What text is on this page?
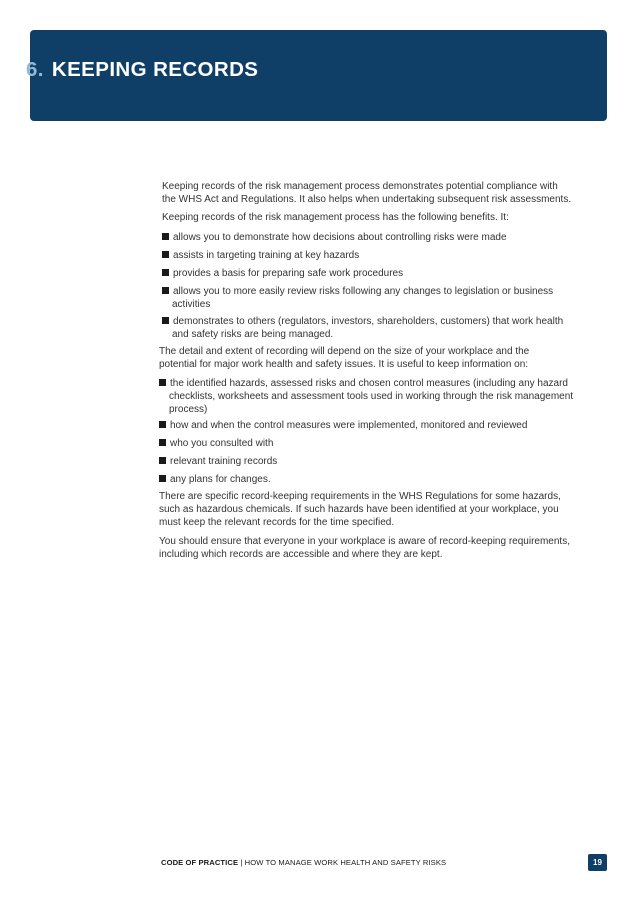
6. KEEPING RECORDS
Keeping records of the risk management process demonstrates potential compliance with
the WHS Act and Regulations. It also helps when undertaking subsequent risk assessments.
Keeping records of the risk management process has the following benefits. It:
allows you to demonstrate how decisions about controlling risks were made
assists in targeting training at key hazards
provides a basis for preparing safe work procedures
allows you to more easily review risks following any changes to legislation or business
activities
demonstrates to others (regulators, investors, shareholders, customers) that work health
and safety risks are being managed.
The detail and extent of recording will depend on the size of your workplace and the
potential for major work health and safety issues. It is useful to keep information on:
the identified hazards, assessed risks and chosen control measures (including any hazard
checklists, worksheets and assessment tools used in working through the risk management
process)
how and when the control measures were implemented, monitored and reviewed
who you consulted with
relevant training records
any plans for changes.
There are specific record-keeping requirements in the WHS Regulations for some hazards,
such as hazardous chemicals. If such hazards have been identified at your workplace, you
must keep the relevant records for the time specified.
You should ensure that everyone in your workplace is aware of record-keeping requirements,
including which records are accessible and where they are kept.
CODE OF PRACTICE | HOW TO MANAGE WORK HEALTH AND SAFETY RISKS	19
